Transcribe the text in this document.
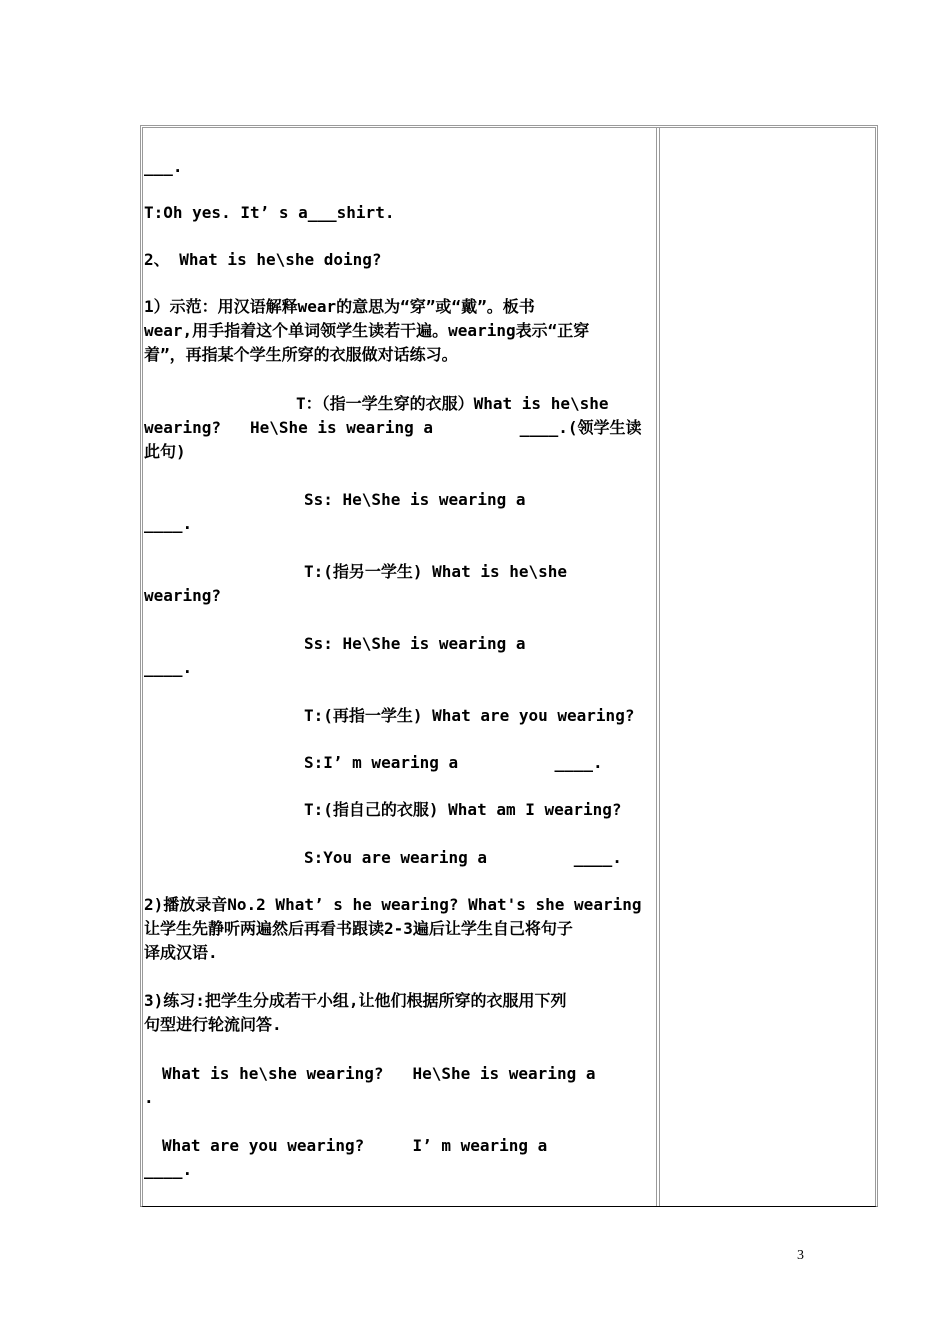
___.
T:Oh yes. It’ s a___shirt.
2、 What is he\she doing?
1）示范：用汉语解释wear的意思为“穿”或“戴”。板书
wear,用手指着这个单词领学生读若干遍。wearing表示“正穿
着”，再指某个学生所穿的衣服做对话练习。
T：（指一学生穿的衣服）What is he\she
wearing?   He\She is wearing a         ____.(领学生读
此句)
Ss: He\She is wearing a
____.
T:(指另一学生) What is he\she
wearing?
Ss: He\She is wearing a
____.
T:(再指一学生) What are you wearing?
S:I’ m wearing a          ____.
T:(指自己的衣服) What am I wearing?
S:You are wearing a         ____.
2)播放录音No.2 What’ s he wearing? What's she wearing
让学生先静听两遍然后再看书跟读2-3遍后让学生自己将句子
译成汉语.
3)练习:把学生分成若干小组,让他们根据所穿的衣服用下列
句型进行轮流问答.
What is he\she wearing?   He\She is wearing a
.
What are you wearing?     I’ m wearing a
____.
3
